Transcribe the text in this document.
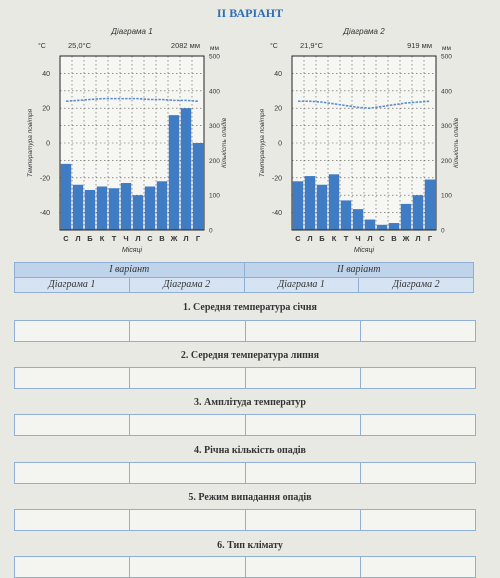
II ВАРІАНТ
Діаграма 1
°C	25,0°C	2082 мм мм
40
20
0
-20
-40
500
400
300
200
100
0
С Л Б К Т Ч Л С В Ж Л Г
Місяці
Температура повітря	Кількість опадів
Діаграма 2
°C	21,9°C	919 мм мм
40
20
0
-20
-40
500
400
300
200
100
0
С Л Б К Т Ч Л С В Ж Л Г
Місяці
Температура повітря	Кількість опадів
І варіант	ІІ варіант
Діаграма 1	Діаграма 2	Діаграма 1	Діаграма 2
1. Середня температура січня
2. Середня температура липня
3. Амплітуда температур
4. Річна кількість опадів
5. Режим випадання опадів
6. Тип клімату
